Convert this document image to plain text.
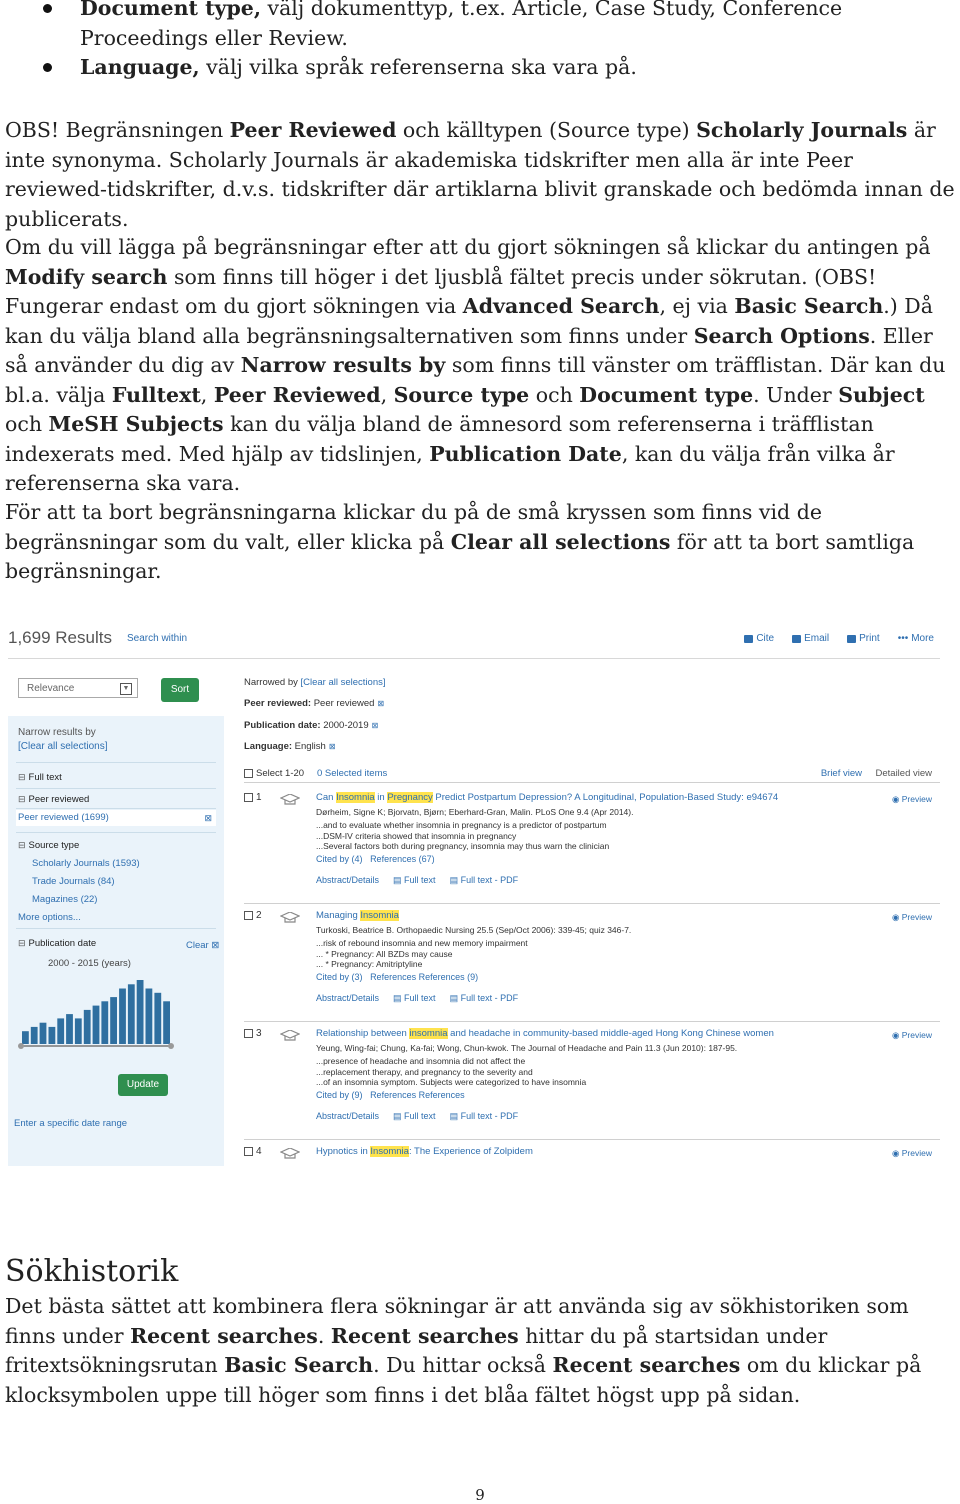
Document type, välj dokumenttyp, t.ex. Article, Case Study, Conference Proceedings eller Review.
Language, välj vilka språk referenserna ska vara på.

OBS! Begränsningen Peer Reviewed och källtypen (Source type) Scholarly Journals är inte synonyma. Scholarly Journals är akademiska tidskrifter men alla är inte Peer reviewed-tidskrifter, d.v.s. tidskrifter där artiklarna blivit granskade och bedömda innan de publicerats.

Om du vill lägga på begränsningar efter att du gjort sökningen så klickar du antingen på Modify search som finns till höger i det ljusblå fältet precis under sökrutan. (OBS! Fungerar endast om du gjort sökningen via Advanced Search, ej via Basic Search.) Då kan du välja bland alla begränsningsalternativen som finns under Search Options. Eller så använder du dig av Narrow results by som finns till vänster om träfflistan. Där kan du bl.a. välja Fulltext, Peer Reviewed, Source type och Document type. Under Subject och MeSH Subjects kan du välja bland de ämnesord som referenserna i träfflistan indexerats med. Med hjälp av tidslinjen, Publication Date, kan du välja från vilka år referenserna ska vara.

För att ta bort begränsningarna klickar du på de små kryssen som finns vid de begränsningar som du valt, eller klicka på Clear all selections för att ta bort samtliga begränsningar.

1,699 Results Search within	Cite	Email	Print ••• More
Relevance	▼	Sort
Narrow results by
[Clear all selections]
⊟ Full text
⊟ Peer reviewed
Peer reviewed (1699)	⊠
⊟ Source type
Scholarly Journals (1593)
Trade Journals (84)
Magazines (22)
More options...
⊟ Publication date	Clear ⊠
2000 - 2015 (years)
Update
Enter a specific date range
Narrowed by [Clear all selections]
Peer reviewed: Peer reviewed ⊠
Publication date: 2000-2019 ⊠
Language: English ⊠
Select 1-20 0 Selected items	Brief view Detailed view
1	Can Insomnia in Pregnancy Predict Postpartum Depression? A Longitudinal, Population-Based Study: e94674	◉ Preview
Dørheim, Signe K; Bjorvatn, Bjørn; Eberhard-Gran, Malin. PLoS One 9.4 (Apr 2014).
...and to evaluate whether insomnia in pregnancy is a predictor of postpartum
...DSM-IV criteria showed that insomnia in pregnancy
...Several factors both during pregnancy, insomnia may thus warn the clinician
Cited by (4) References (67)
Abstract/Details ▤ Full text ▤ Full text - PDF
2	Managing Insomnia	◉ Preview
Turkoski, Beatrice B. Orthopaedic Nursing 25.5 (Sep/Oct 2006): 339-45; quiz 346-7.
...risk of rebound insomnia and new memory impairment
... * Pregnancy: All BZDs may cause
... * Pregnancy: Amitriptyline
Cited by (3) References References (9)
Abstract/Details ▤ Full text ▤ Full text - PDF
3	Relationship between insomnia and headache in community-based middle-aged Hong Kong Chinese women	◉ Preview
Yeung, Wing-fai; Chung, Ka-fai; Wong, Chun-kwok. The Journal of Headache and Pain 11.3 (Jun 2010): 187-95.
...presence of headache and insomnia did not affect the
...replacement therapy, and pregnancy to the severity and
...of an insomnia symptom. Subjects were categorized to have insomnia
Cited by (9) References References
Abstract/Details ▤ Full text ▤ Full text - PDF
4	Hypnotics in Insomnia: The Experience of Zolpidem	◉ Preview
Sökhistorik

Det bästa sättet att kombinera flera sökningar är att använda sig av sökhistoriken som finns under Recent searches. Recent searches hittar du på startsidan under fritextsökningsrutan Basic Search. Du hittar också Recent searches om du klickar på klocksymbolen uppe till höger som finns i det blåa fältet högst upp på sidan.

9
